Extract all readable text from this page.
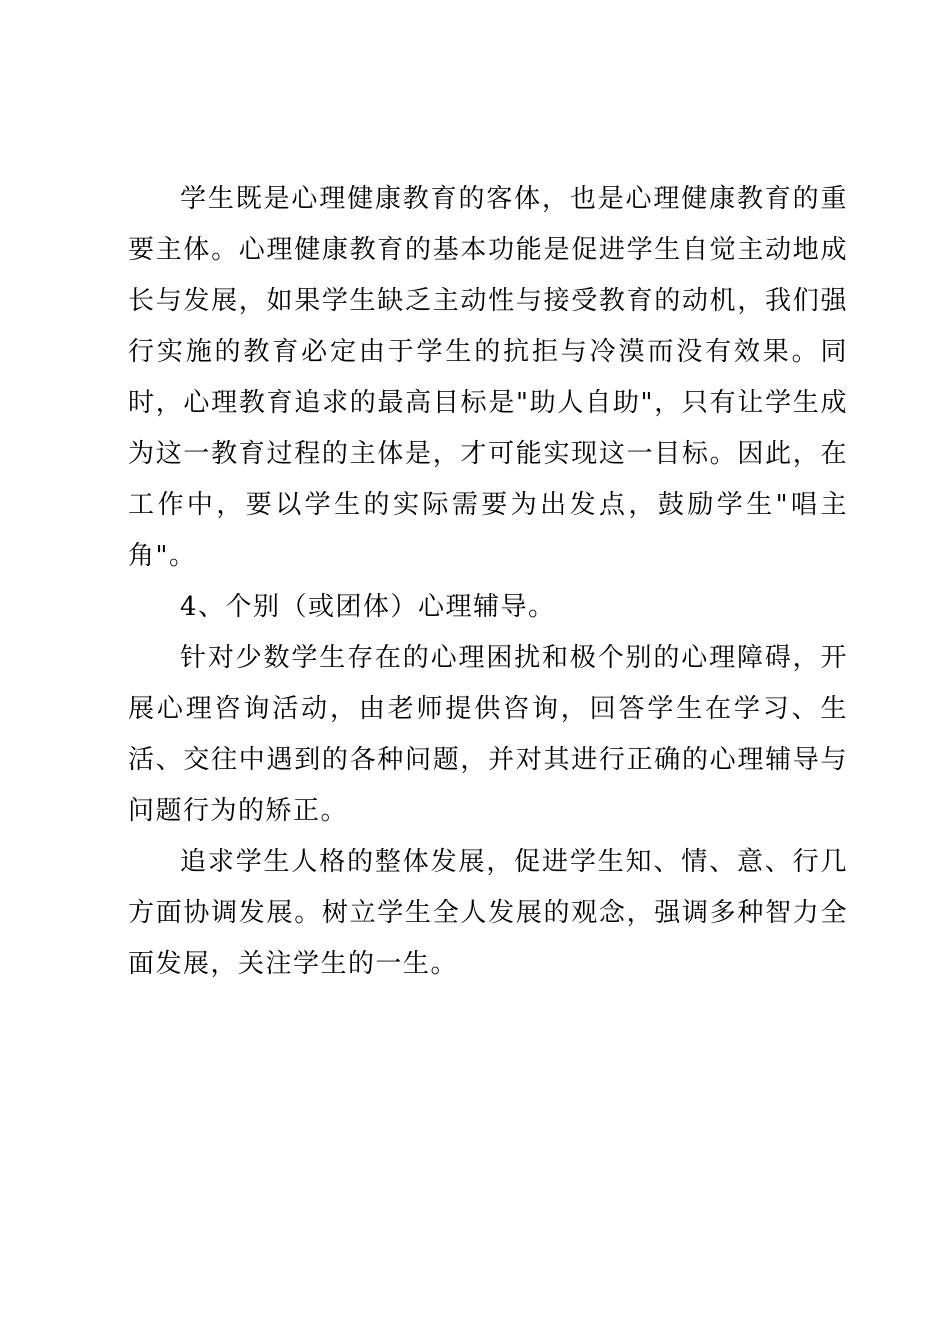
学生既是心理健康教育的客体，也是心理健康教育的重要主体。心理健康教育的基本功能是促进学生自觉主动地成长与发展，如果学生缺乏主动性与接受教育的动机，我们强行实施的教育必定由于学生的抗拒与冷漠而没有效果。同时，心理教育追求的最高目标是"助人自助"，只有让学生成为这一教育过程的主体是，才可能实现这一目标。因此，在工作中，要以学生的实际需要为出发点，鼓励学生"唱主角"。

4、个别（或团体）心理辅导。

针对少数学生存在的心理困扰和极个别的心理障碍，开展心理咨询活动，由老师提供咨询，回答学生在学习、生活、交往中遇到的各种问题，并对其进行正确的心理辅导与问题行为的矫正。

追求学生人格的整体发展，促进学生知、情、意、行几方面协调发展。树立学生全人发展的观念，强调多种智力全面发展，关注学生的一生。
